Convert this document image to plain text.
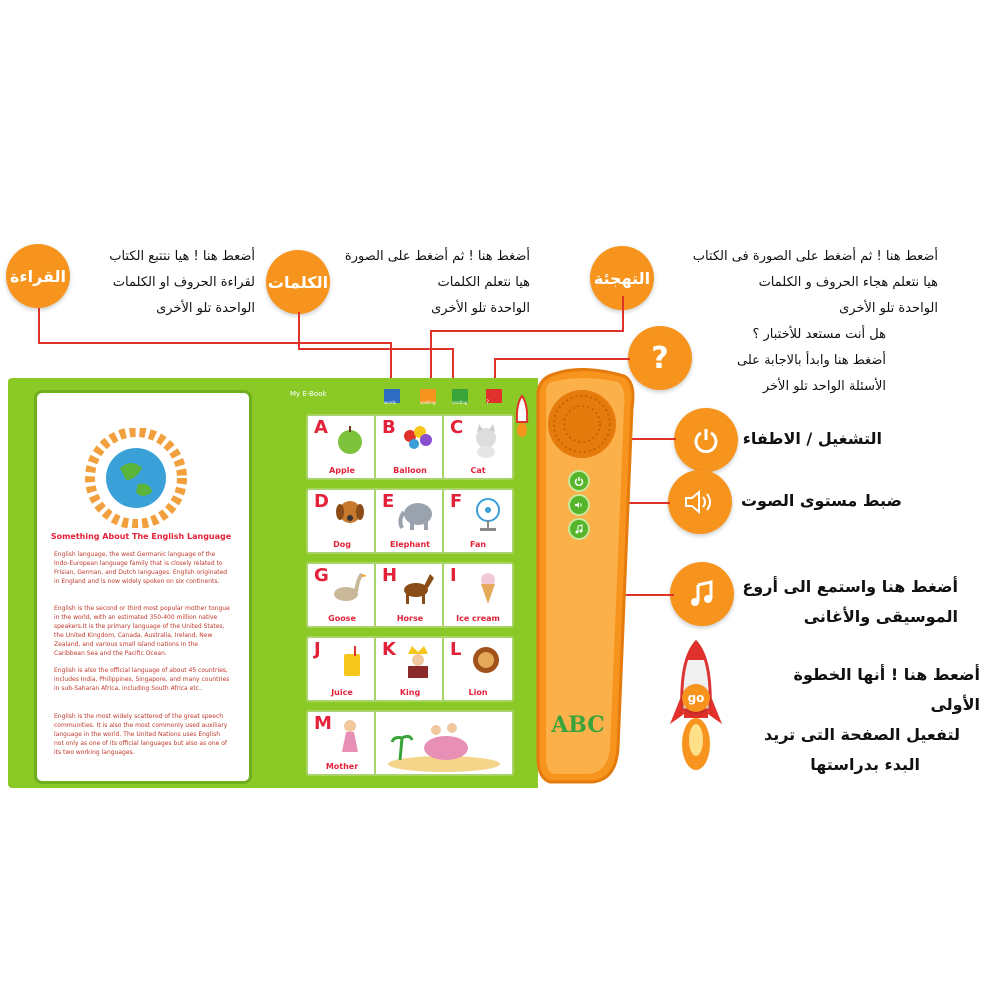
القراءة	الكلمات	التهجئة
أضعط هنا ! هيا نتتبع الكتاب
لقراءة الحروف او الكلمات
الواحدة تلو الأخرى
أضغط هنا ! ثم أضغط على الصورة
هيا نتعلم الكلمات
الواحدة تلو الأخرى
أضعط هنا ! ثم أضغط على الصورة فى الكتاب
هيا نتعلم هجاء الحروف و الكلمات
الواحدة تلو الأخرى
?
هل أنت مستعد للأختبار ؟
أضغط هنا وابدأ بالاجابة على
الأسئلة الواحد تلو الأخر
التشغيل / الاطفاء
ضبط مستوى الصوت
أضغط هنا واستمع الى أروع
الموسيقى والأغانى
go
أضعط هنا ! أنها الخطوة الأولى
لتفعيل الصفحة التى تريد
البدء بدراستها
Something About The English Language

English language, the west Germanic language of the Indo-European language family that is closely related to Frisian, German, and Dutch languages. English originated in England and is now widely spoken on six continents.

English is the second or third most popular mother tongue in the world, with an estimated 350-400 million native speakers.It is the primary language of the United States, the United Kingdom, Canada, Australia, Ireland, New Zealand, and various small island nations in the Caribbean Sea and the Pacific Ocean.

English is also the official language of about 45 countries, includes India, Philippines, Singapore, and many countries in sub-Saharan Africa, including South Africa etc..

English is the most widely scattered of the great speech communities. It is also the most commonly used auxiliary language in the world. The United Nations uses English not only as one of its official languages but also as one of its two working languages.

My E-Book
words	spelling	reading	?
A
Apple
B
Balloon
C
Cat
D
Dog
E
Elephant
F
Fan
G
Goose
H
Horse
I
Ice cream
J
Juice
K
King
L
Lion
M
Mother
ABC
